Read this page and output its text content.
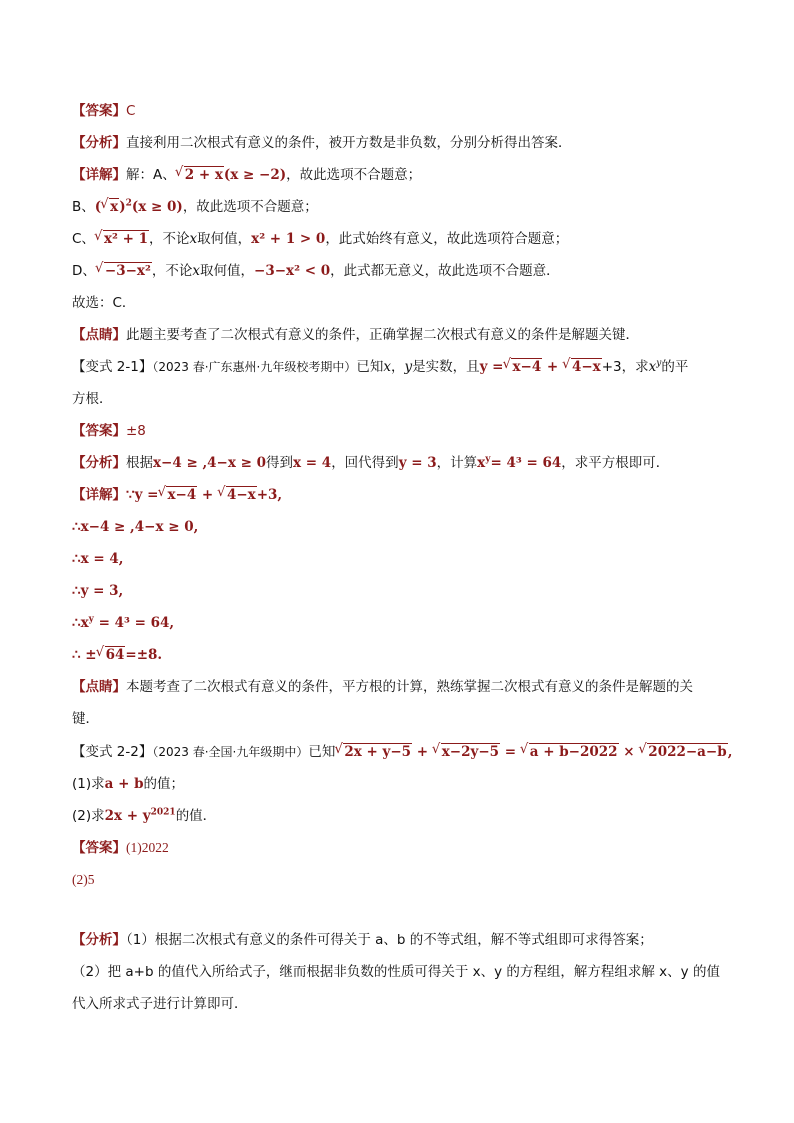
【答案】C
【分析】直接利用二次根式有意义的条件，被开方数是非负数，分别分析得出答案．
【详解】解：A、 √ 2 + x(x ≥ −2)，故此选项不合题意；
B、( √ x)$^2$(x ≥ 0)，故此选项不合题意；
C、 √ x² + 1，不论x取何值，x² + 1 > 0，此式始终有意义，故此选项符合题意；
D、 √ −3−x²，不论x取何值，−3−x² < 0，此式都无意义，故此选项不合题意．
故选：C．
【点睛】此题主要考查了二次根式有意义的条件，正确掌握二次根式有意义的条件是解题关键．
【变式 2-1】（2023 春·广东惠州·九年级校考期中）已知x，y是实数，且y = √ x−4 + √ 4−x+3，求$x^y$的平
方根．
【答案】±8
【分析】根据x−4 ≥ ,4−x ≥ 0得到x = 4，回代得到y = 3，计算$x^y= 4^3 = 64$，求平方根即可．
【详解】∵y = √ x−4 + √ 4−x+3,
∴x−4 ≥ ,4−x ≥ 0,
∴x = 4,
∴y = 3,
$\therefore x^y = 4^3 = 64$,
∴ ± √ 64=±8.
【点睛】本题考查了二次根式有意义的条件，平方根的计算，熟练掌握二次根式有意义的条件是解题的关
键．
【变式 2-2】（2023 春·全国·九年级期中）已知 √ 2x + y−5 + √ x−2y−5 = √ a + b−2022 × √ 2022−a−b,
(1)求a + b的值；
(2)求$2x + y^{2021}$的值．
【答案】(1)2022
(2)5
【分析】（1）根据二次根式有意义的条件可得关于 a、b 的不等式组，解不等式组即可求得答案；
（2）把 a+b 的值代入所给式子，继而根据非负数的性质可得关于 x、y 的方程组，解方程组求解 x、y 的值
代入所求式子进行计算即可．
